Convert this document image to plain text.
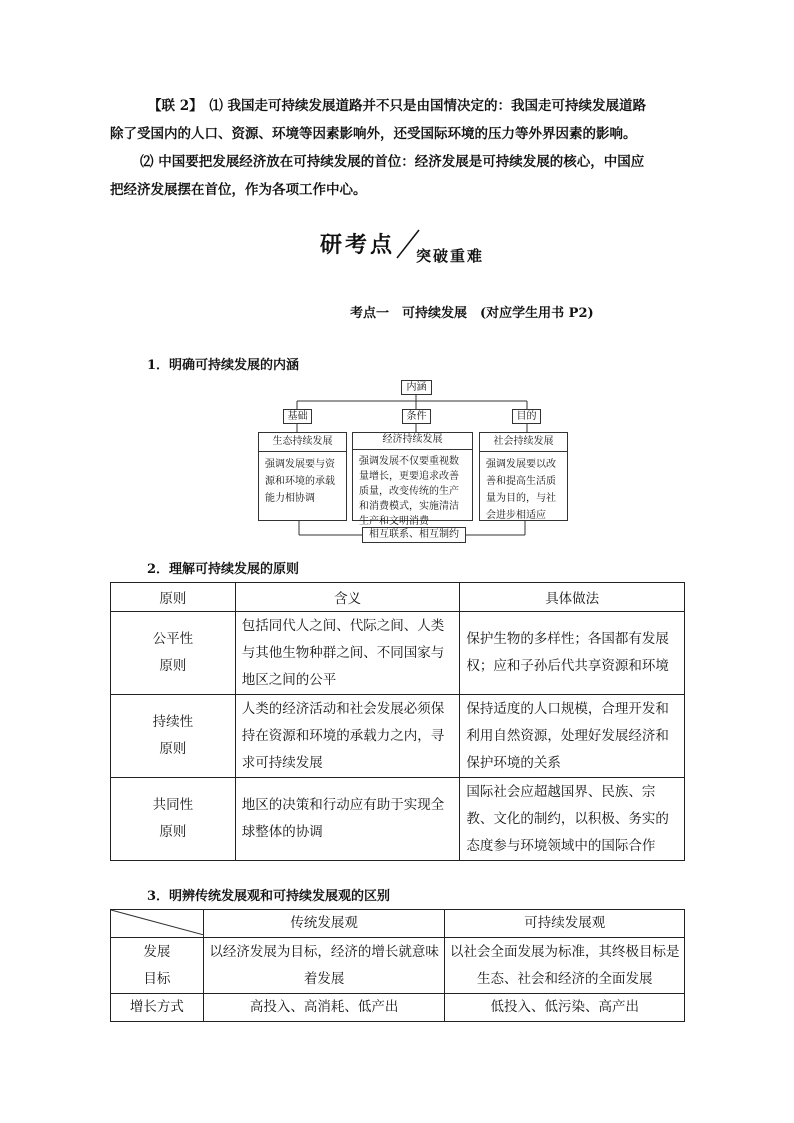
【联 2】　⑴ 我国走可持续发展道路并不只是由国情决定的：我国走可持续发展道路
除了受国内的人口、资源、环境等因素影响外，还受国际环境的压力等外界因素的影响。
⑵ 中国要把发展经济放在可持续发展的首位：经济发展是可持续发展的核心，中国应
把经济发展摆在首位，作为各项工作中心。
研考点 突破重难
考点一　可持续发展　(对应学生用书 P2)
1．明确可持续发展的内涵
内涵
基础	条件	目的
生态持续发展
强调发展要与资源和环境的承载能力相协调
经济持续发展
强调发展不仅要重视数量增长，更要追求改善质量，改变传统的生产和消费模式，实施清洁生产和文明消费
社会持续发展
强调发展要以改善和提高生活质量为目的，与社会进步相适应
相互联系、相互制约
2．理解可持续发展的原则
原则	含义	具体做法
公平性
原则	包括同代人之间、代际之间、人类与其他生物种群之间、不同国家与地区之间的公平	保护生物的多样性；各国都有发展权；应和子孙后代共享资源和环境
持续性
原则	人类的经济活动和社会发展必须保持在资源和环境的承载力之内，寻求可持续发展	保持适度的人口规模，合理开发和利用自然资源，处理好发展经济和保护环境的关系
共同性
原则	地区的决策和行动应有助于实现全球整体的协调	国际社会应超越国界、民族、宗教、文化的制约，以积极、务实的态度参与环境领域中的国际合作
3．明辨传统发展观和可持续发展观的区别
	传统发展观	可持续发展观
发展
目标	以经济发展为目标，经济的增长就意味着发展	以社会全面发展为标准，其终极目标是生态、社会和经济的全面发展
增长方式	高投入、高消耗、低产出	低投入、低污染、高产出
